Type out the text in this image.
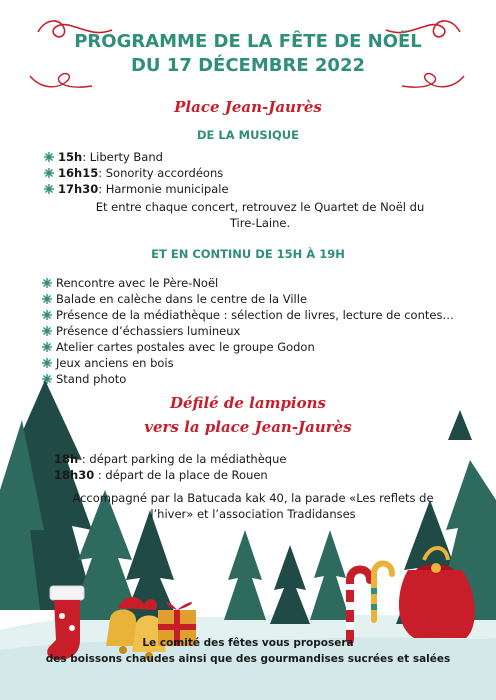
PROGRAMME DE LA FÊTE DE NOËL
DU 17 DÉCEMBRE 2022
Place Jean-Jaurès
DE LA MUSIQUE
15h : Liberty Band
16h15 : Sonority accordéons
17h30 : Harmonie municipale
Et entre chaque concert, retrouvez le Quartet de Noël du
Tire-Laine.
ET EN CONTINU DE 15H À 19H
Rencontre avec le Père-Noël
Balade en calèche dans le centre de la Ville
Présence de la médiathèque : sélection de livres, lecture de contes…
Présence d’échassiers lumineux
Atelier cartes postales avec le groupe Godon
Jeux anciens en bois
Stand photo
Défilé de lampions
vers la place Jean-Jaurès
18h : départ parking de la médiathèque
18h30 : départ de la place de Rouen
Accompagné par la Batucada kak 40, la parade «Les reflets de
l’hiver» et l’association Tradidanses
Le comité des fêtes vous proposera
des boissons chaudes ainsi que des gourmandises sucrées et salées
